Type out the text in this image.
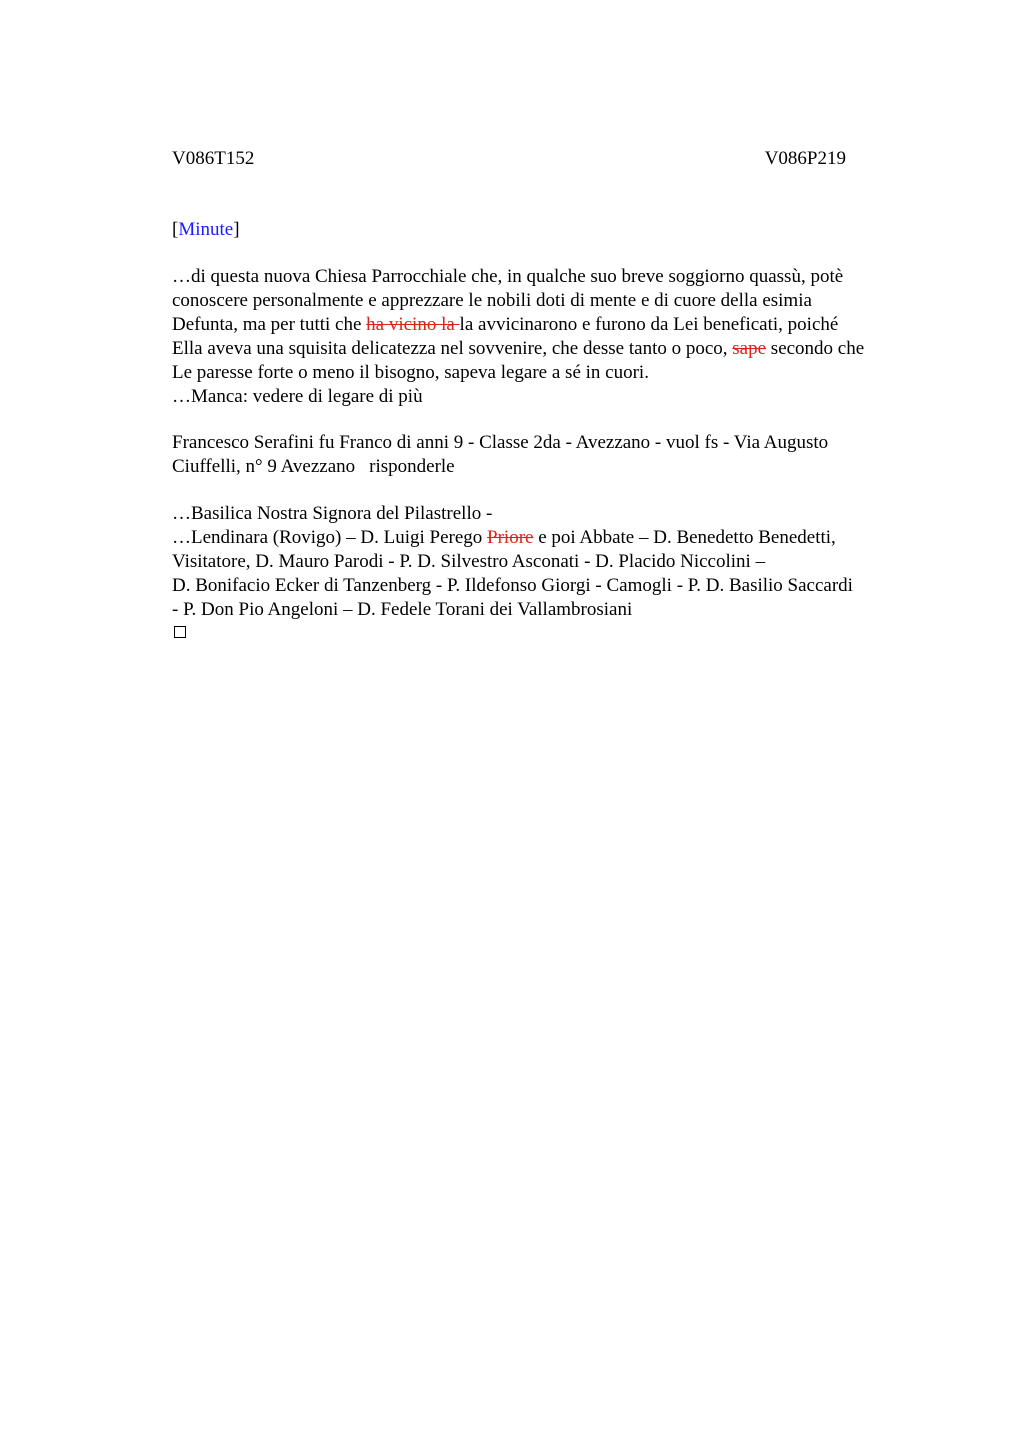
V086T152	V086P219
[Minute]
…di questa nuova Chiesa Parrocchiale che, in qualche suo breve soggiorno quassù, potè
conoscere personalmente e apprezzare le nobili doti di mente e di cuore della esimia
Defunta, ma per tutti che ha vicino la la avvicinarono e furono da Lei beneficati, poiché
Ella aveva una squisita delicatezza nel sovvenire, che desse tanto o poco, sape secondo che
Le paresse forte o meno il bisogno, sapeva legare a sé in cuori.
…Manca: vedere di legare di più
Francesco Serafini fu Franco di anni 9 - Classe 2da - Avezzano - vuol fs - Via Augusto
Ciuffelli, n° 9 Avezzano risponderle
…Basilica Nostra Signora del Pilastrello -
…Lendinara (Rovigo) – D. Luigi Perego Priore e poi Abbate – D. Benedetto Benedetti,
Visitatore, D. Mauro Parodi - P. D. Silvestro Asconati - D. Placido Niccolini –
D. Bonifacio Ecker di Tanzenberg - P. Ildefonso Giorgi - Camogli - P. D. Basilio Saccardi
- P. Don Pio Angeloni – D. Fedele Torani dei Vallambrosiani
